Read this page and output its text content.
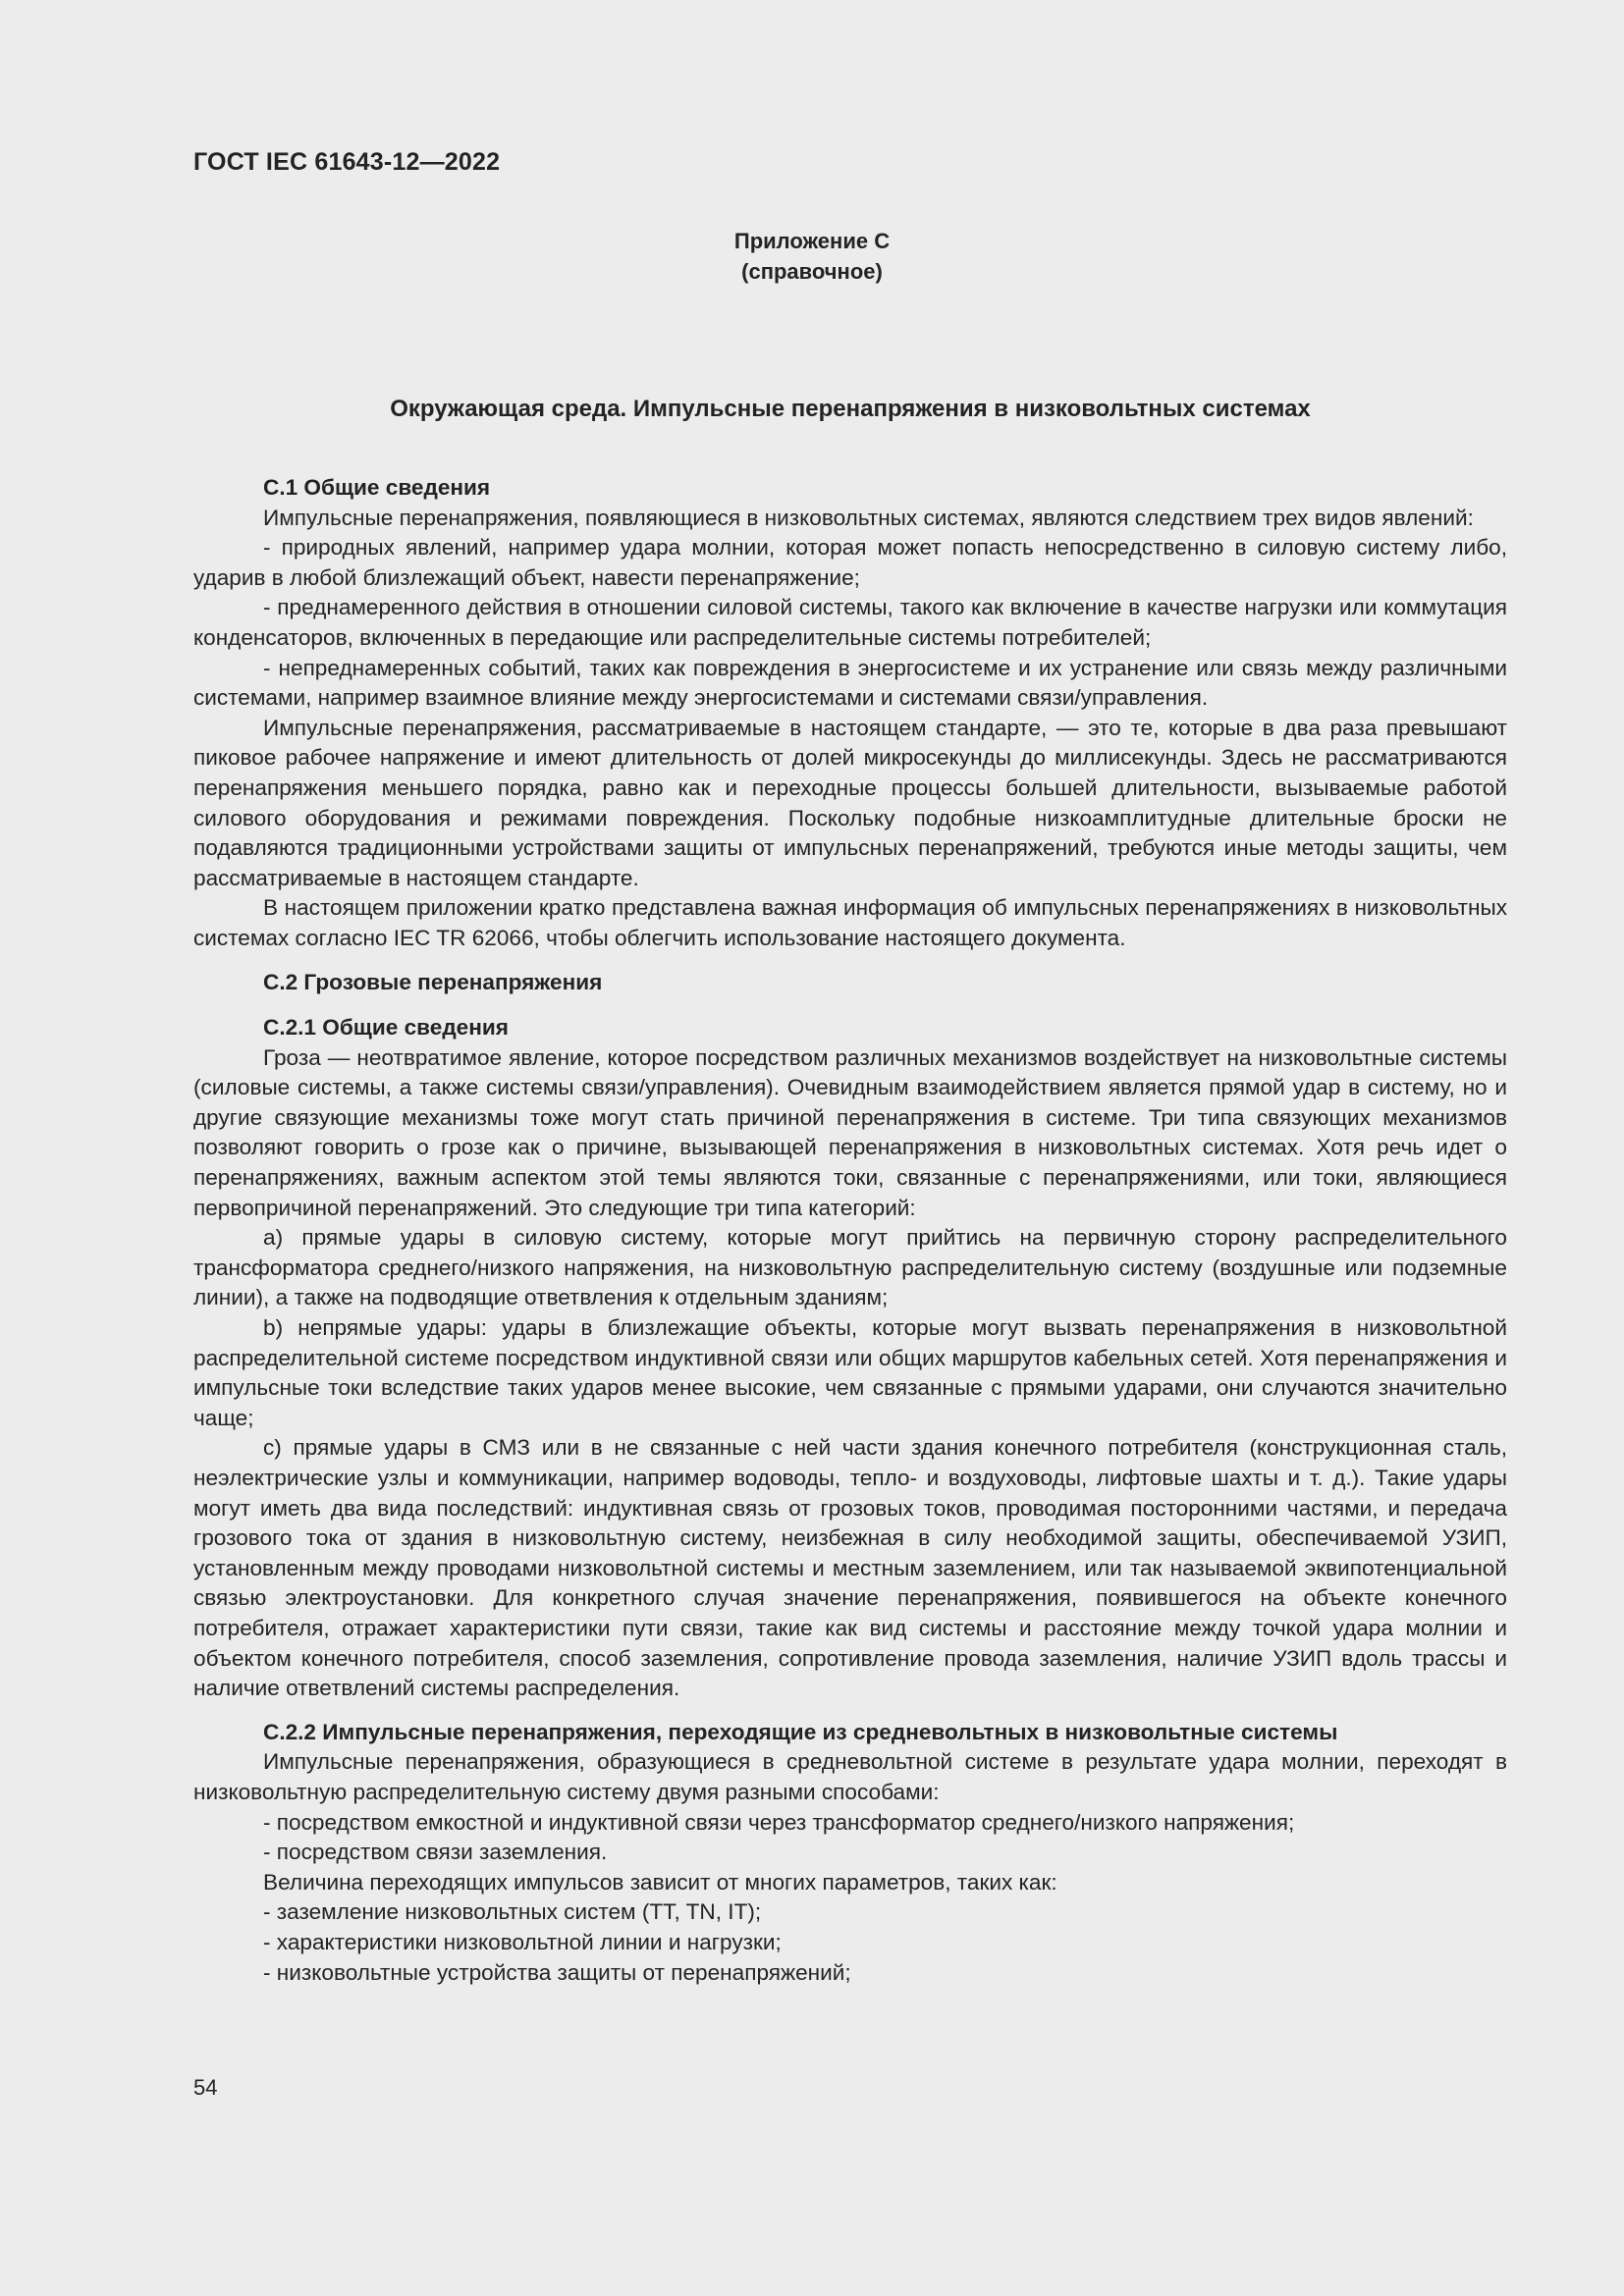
ГОСТ IEC 61643-12—2022
Приложение С
(справочное)
Окружающая среда. Импульсные перенапряжения в низковольтных системах
С.1 Общие сведения

Импульсные перенапряжения, появляющиеся в низковольтных системах, являются следствием трех видов явлений:

- природных явлений, например удара молнии, которая может попасть непосредственно в силовую систему либо, ударив в любой близлежащий объект, навести перенапряжение;

- преднамеренного действия в отношении силовой системы, такого как включение в качестве нагрузки или коммутация конденсаторов, включенных в передающие или распределительные системы потребителей;

- непреднамеренных событий, таких как повреждения в энергосистеме и их устранение или связь между различными системами, например взаимное влияние между энергосистемами и системами связи/управления.

Импульсные перенапряжения, рассматриваемые в настоящем стандарте, — это те, которые в два раза превышают пиковое рабочее напряжение и имеют длительность от долей микросекунды до миллисекунды. Здесь не рассматриваются перенапряжения меньшего порядка, равно как и переходные процессы большей длительности, вызываемые работой силового оборудования и режимами повреждения. Поскольку подобные низкоамплитудные длительные броски не подавляются традиционными устройствами защиты от импульсных перенапряжений, требуются иные методы защиты, чем рассматриваемые в настоящем стандарте.

В настоящем приложении кратко представлена важная информация об импульсных перенапряжениях в низковольтных системах согласно IEC TR 62066, чтобы облегчить использование настоящего документа.

С.2 Грозовые перенапряжения
С.2.1 Общие сведения

Гроза — неотвратимое явление, которое посредством различных механизмов воздействует на низковольтные системы (силовые системы, а также системы связи/управления). Очевидным взаимодействием является прямой удар в систему, но и другие связующие механизмы тоже могут стать причиной перенапряжения в системе. Три типа связующих механизмов позволяют говорить о грозе как о причине, вызывающей перенапряжения в низковольтных системах. Хотя речь идет о перенапряжениях, важным аспектом этой темы являются токи, связанные с перенапряжениями, или токи, являющиеся первопричиной перенапряжений. Это следующие три типа категорий:

a) прямые удары в силовую систему, которые могут прийтись на первичную сторону распределительного трансформатора среднего/низкого напряжения, на низковольтную распределительную систему (воздушные или подземные линии), а также на подводящие ответвления к отдельным зданиям;

b) непрямые удары: удары в близлежащие объекты, которые могут вызвать перенапряжения в низковольтной распределительной системе посредством индуктивной связи или общих маршрутов кабельных сетей. Хотя перенапряжения и импульсные токи вследствие таких ударов менее высокие, чем связанные с прямыми ударами, они случаются значительно чаще;

c) прямые удары в СМЗ или в не связанные с ней части здания конечного потребителя (конструкционная сталь, неэлектрические узлы и коммуникации, например водоводы, тепло- и воздуховоды, лифтовые шахты и т. д.). Такие удары могут иметь два вида последствий: индуктивная связь от грозовых токов, проводимая посторонними частями, и передача грозового тока от здания в низковольтную систему, неизбежная в силу необходимой защиты, обеспечиваемой УЗИП, установленным между проводами низковольтной системы и местным заземлением, или так называемой эквипотенциальной связью электроустановки. Для конкретного случая значение перенапряжения, появившегося на объекте конечного потребителя, отражает характеристики пути связи, такие как вид системы и расстояние между точкой удара молнии и объектом конечного потребителя, способ заземления, сопротивление провода заземления, наличие УЗИП вдоль трассы и наличие ответвлений системы распределения.

С.2.2 Импульсные перенапряжения, переходящие из средневольтных в низковольтные системы

Импульсные перенапряжения, образующиеся в средневольтной системе в результате удара молнии, переходят в низковольтную распределительную систему двумя разными способами:

- посредством емкостной и индуктивной связи через трансформатор среднего/низкого напряжения;

- посредством связи заземления.

Величина переходящих импульсов зависит от многих параметров, таких как:

- заземление низковольтных систем (TT, TN, IT);

- характеристики низковольтной линии и нагрузки;

- низковольтные устройства защиты от перенапряжений;

54
